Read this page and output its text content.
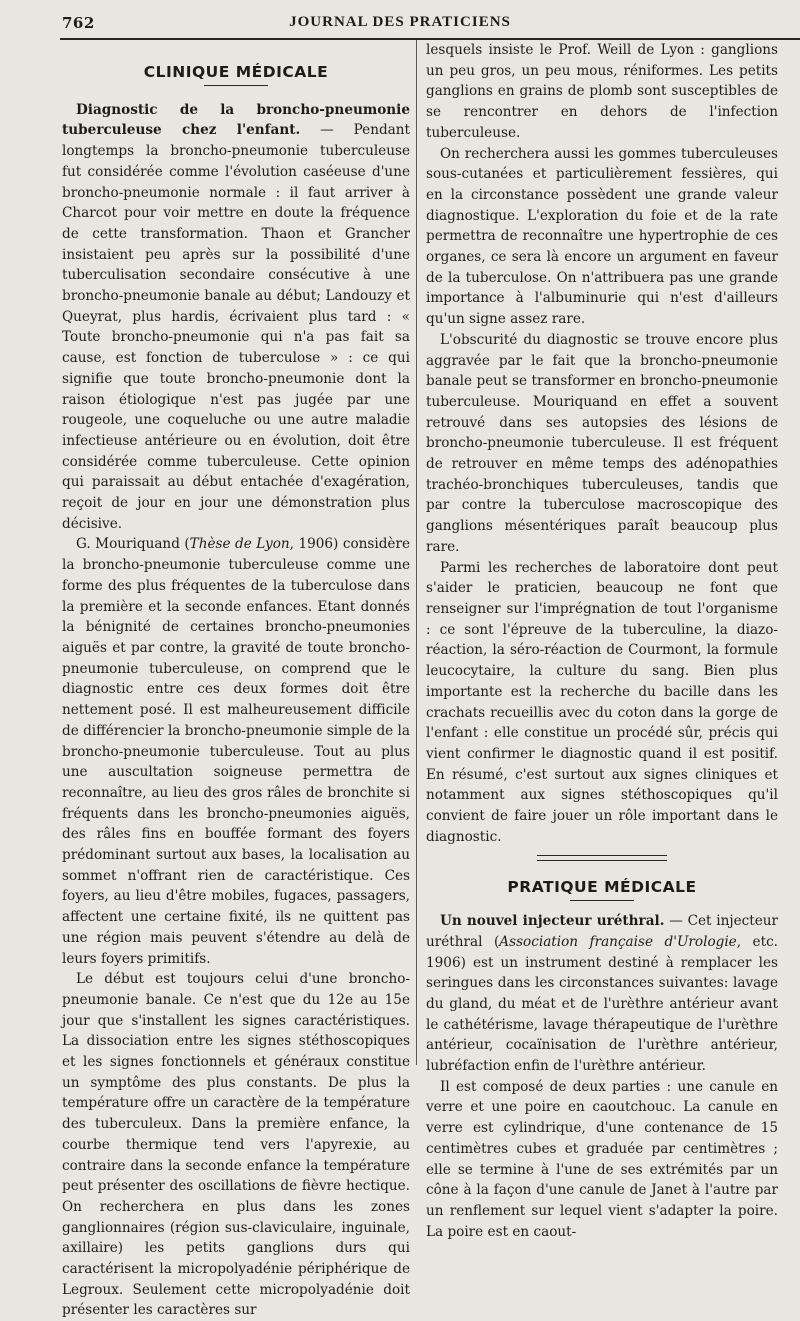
762	JOURNAL DES PRATICIENS
CLINIQUE MÉDICALE

Diagnostic de la broncho-pneumonie tuberculeuse chez l'enfant. — Pendant longtemps la broncho-pneumonie tuberculeuse fut considérée comme l'évolution caséeuse d'une broncho-pneumonie normale : il faut arriver à Charcot pour voir mettre en doute la fréquence de cette transformation. Thaon et Grancher insistaient peu après sur la possibilité d'une tuberculisation secondaire consécutive à une broncho-pneumonie banale au début; Landouzy et Queyrat, plus hardis, écrivaient plus tard : « Toute broncho-pneumonie qui n'a pas fait sa cause, est fonction de tuberculose » : ce qui signifie que toute broncho-pneumonie dont la raison étiologique n'est pas jugée par une rougeole, une coqueluche ou une autre maladie infectieuse antérieure ou en évolution, doit être considérée comme tuberculeuse. Cette opinion qui paraissait au début entachée d'exagération, reçoit de jour en jour une démonstration plus décisive.

G. Mouriquand (Thèse de Lyon, 1906) considère la broncho-pneumonie tuberculeuse comme une forme des plus fréquentes de la tuberculose dans la première et la seconde enfances. Etant donnés la bénignité de certaines broncho-pneumonies aiguës et par contre, la gravité de toute broncho-pneumonie tuberculeuse, on comprend que le diagnostic entre ces deux formes doit être nettement posé. Il est malheureusement difficile de différencier la broncho-pneumonie simple de la broncho-pneumonie tuberculeuse. Tout au plus une auscultation soigneuse permettra de reconnaître, au lieu des gros râles de bronchite si fréquents dans les broncho-pneumonies aiguës, des râles fins en bouffée formant des foyers prédominant surtout aux bases, la localisation au sommet n'offrant rien de caractéristique. Ces foyers, au lieu d'être mobiles, fugaces, passagers, affectent une certaine fixité, ils ne quittent pas une région mais peuvent s'étendre au delà de leurs foyers primitifs.

Le début est toujours celui d'une broncho-pneumonie banale. Ce n'est que du 12e au 15e jour que s'installent les signes caractéristiques. La dissociation entre les signes stéthoscopiques et les signes fonctionnels et généraux constitue un symptôme des plus constants. De plus la température offre un caractère de la température des tuberculeux. Dans la première enfance, la courbe thermique tend vers l'apyrexie, au contraire dans la seconde enfance la température peut présenter des oscillations de fièvre hectique. On recherchera en plus dans les zones ganglionnaires (région sus-claviculaire, inguinale, axillaire) les petits ganglions durs qui caractérisent la micropolyadénie périphérique de Legroux. Seulement cette micropolyadénie doit présenter les caractères sur

lesquels insiste le Prof. Weill de Lyon : ganglions un peu gros, un peu mous, réniformes. Les petits ganglions en grains de plomb sont susceptibles de se rencontrer en dehors de l'infection tuberculeuse.

On recherchera aussi les gommes tuberculeuses sous-cutanées et particulièrement fessières, qui en la circonstance possèdent une grande valeur diagnostique. L'exploration du foie et de la rate permettra de reconnaître une hypertrophie de ces organes, ce sera là encore un argument en faveur de la tuberculose. On n'attribuera pas une grande importance à l'albuminurie qui n'est d'ailleurs qu'un signe assez rare.

L'obscurité du diagnostic se trouve encore plus aggravée par le fait que la broncho-pneumonie banale peut se transformer en broncho-pneumonie tuberculeuse. Mouriquand en effet a souvent retrouvé dans ses autopsies des lésions de broncho-pneumonie tuberculeuse. Il est fréquent de retrouver en même temps des adénopathies trachéo-bronchiques tuberculeuses, tandis que par contre la tuberculose macroscopique des ganglions mésentériques paraît beaucoup plus rare.

Parmi les recherches de laboratoire dont peut s'aider le praticien, beaucoup ne font que renseigner sur l'imprégnation de tout l'organisme : ce sont l'épreuve de la tuberculine, la diazo-réaction, la séro-réaction de Courmont, la formule leucocytaire, la culture du sang. Bien plus importante est la recherche du bacille dans les crachats recueillis avec du coton dans la gorge de l'enfant : elle constitue un procédé sûr, précis qui vient confirmer le diagnostic quand il est positif. En résumé, c'est surtout aux signes cliniques et notamment aux signes stéthoscopiques qu'il convient de faire jouer un rôle important dans le diagnostic.

PRATIQUE MÉDICALE

Un nouvel injecteur uréthral. — Cet injecteur uréthral (Association française d'Urologie, etc. 1906) est un instrument destiné à remplacer les seringues dans les circonstances suivantes: lavage du gland, du méat et de l'urèthre antérieur avant le cathétérisme, lavage thérapeutique de l'urèthre antérieur, cocaïnisation de l'urèthre antérieur, lubréfaction enfin de l'urèthre antérieur.

Il est composé de deux parties : une canule en verre et une poire en caoutchouc. La canule en verre est cylindrique, d'une contenance de 15 centimètres cubes et graduée par centimètres ; elle se termine à l'une de ses extrémités par un cône à la façon d'une canule de Janet à l'autre par un renflement sur lequel vient s'adapter la poire. La poire est en caout-
